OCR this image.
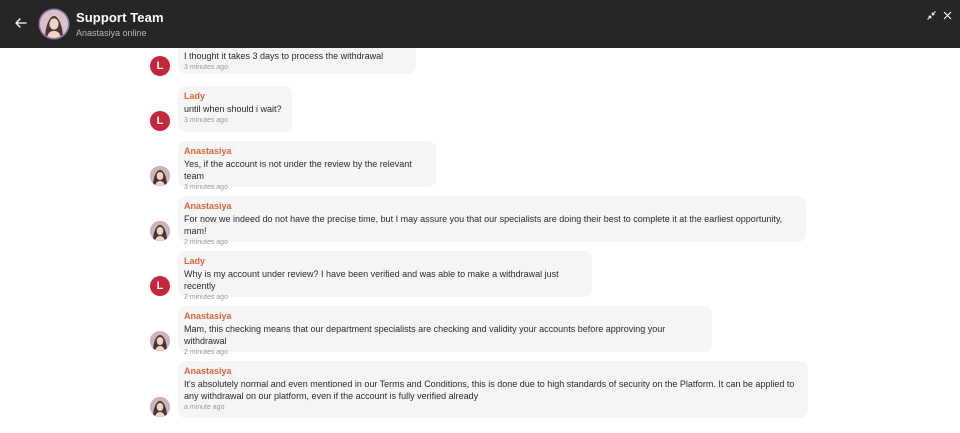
Support Team
Anastasiya online
I thought it takes 3 days to process the withdrawal
3 minutes ago
L
Lady
until when should i wait?
3 minutes ago
L
Anastasiya
Yes, if the account is not under the review by the relevant team
3 minutes ago
Anastasiya
For now we indeed do not have the precise time, but I may assure you that our specialists are doing their best to complete it at the earliest opportunity, mam!
2 minutes ago
Lady
Why is my account under review? I have been verified and was able to make a withdrawal just recently
2 minutes ago
L
Anastasiya
Mam, this checking means that our department specialists are checking and validity your accounts before approving your withdrawal
2 minutes ago
Anastasiya
It's absolutely normal and even mentioned in our Terms and Conditions, this is done due to high standards of security on the Platform. It can be applied to any withdrawal on our platform, even if the account is fully verified already
a minute ago
